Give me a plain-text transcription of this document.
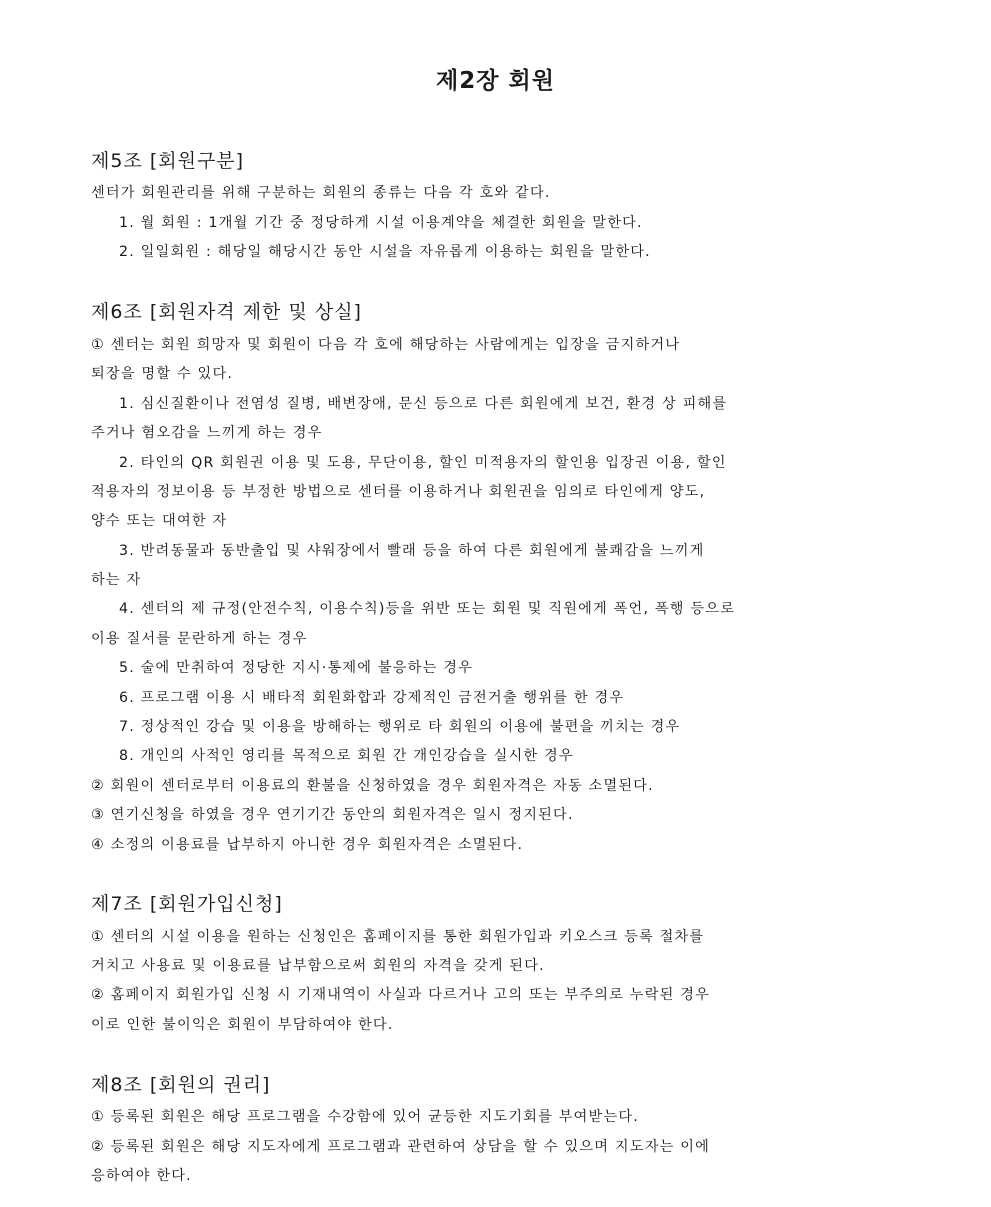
제2장 회원
제5조 [회원구분]
센터가 회원관리를 위해 구분하는 회원의 종류는 다음 각 호와 같다.
1. 월 회원 : 1개월 기간 중 정당하게 시설 이용계약을 체결한 회원을 말한다.
2. 일일회원 : 해당일 해당시간 동안 시설을 자유롭게 이용하는 회원을 말한다.
제6조 [회원자격 제한 및 상실]
① 센터는 회원 희망자 및 회원이 다음 각 호에 해당하는 사람에게는 입장을 금지하거나
퇴장을 명할 수 있다.
1. 심신질환이나 전염성 질병, 배변장애, 문신 등으로 다른 회원에게 보건, 환경 상 피해를
주거나 혐오감을 느끼게 하는 경우
2. 타인의 QR 회원권 이용 및 도용, 무단이용, 할인 미적용자의 할인용 입장권 이용, 할인
적용자의 정보이용 등 부정한 방법으로 센터를 이용하거나 회원권을 임의로 타인에게 양도,
양수 또는 대여한 자
3. 반려동물과 동반출입 및 샤워장에서 빨래 등을 하여 다른 회원에게 불쾌감을 느끼게
하는 자
4. 센터의 제 규정(안전수칙, 이용수칙)등을 위반 또는 회원 및 직원에게 폭언, 폭행 등으로
이용 질서를 문란하게 하는 경우
5. 술에 만취하여 정당한 지시·통제에 불응하는 경우
6. 프로그램 이용 시 배타적 회원화합과 강제적인 금전거출 행위를 한 경우
7. 정상적인 강습 및 이용을 방해하는 행위로 타 회원의 이용에 불편을 끼치는 경우
8. 개인의 사적인 영리를 목적으로 회원 간 개인강습을 실시한 경우
② 회원이 센터로부터 이용료의 환불을 신청하였을 경우 회원자격은 자동 소멸된다.
③ 연기신청을 하였을 경우 연기기간 동안의 회원자격은 일시 정지된다.
④ 소정의 이용료를 납부하지 아니한 경우 회원자격은 소멸된다.
제7조 [회원가입신청]
① 센터의 시설 이용을 원하는 신청인은 홈페이지를 통한 회원가입과 키오스크 등록 절차를
거치고 사용료 및 이용료를 납부함으로써 회원의 자격을 갖게 된다.
② 홈페이지 회원가입 신청 시 기재내역이 사실과 다르거나 고의 또는 부주의로 누락된 경우
이로 인한 불이익은 회원이 부담하여야 한다.
제8조 [회원의 권리]
① 등록된 회원은 해당 프로그램을 수강함에 있어 균등한 지도기회를 부여받는다.
② 등록된 회원은 해당 지도자에게 프로그램과 관련하여 상담을 할 수 있으며 지도자는 이에
응하여야 한다.
